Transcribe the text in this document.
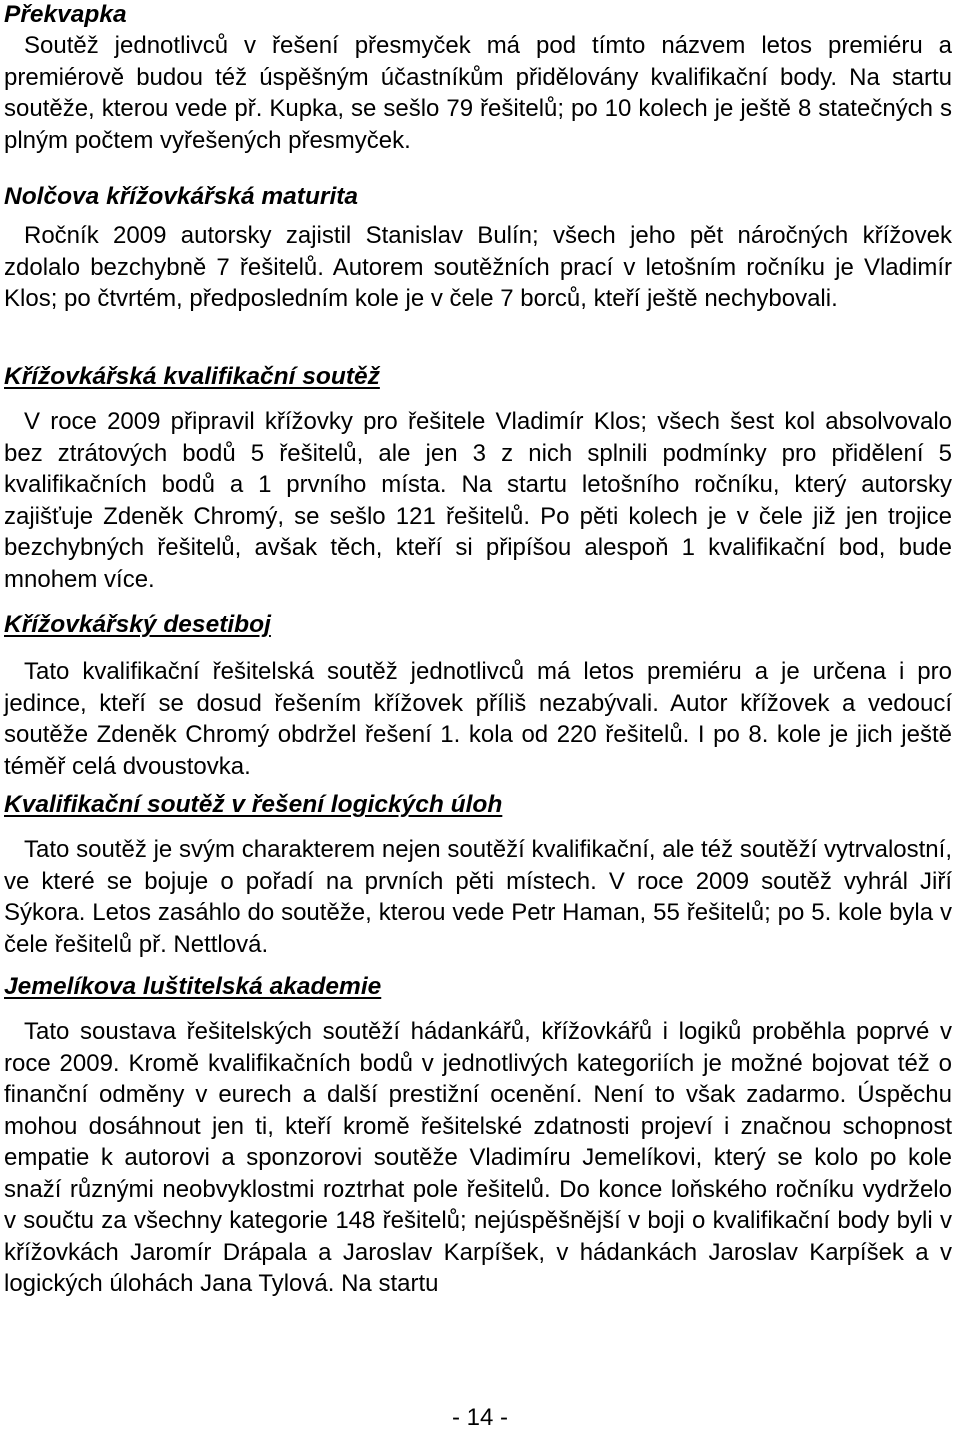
Překvapka

Soutěž jednotlivců v řešení přesmyček má pod tímto názvem letos premiéru a premiérově budou též úspěšným účastníkům přidělovány kvalifikační body. Na startu soutěže, kterou vede př. Kupka, se sešlo 79 řešitelů; po 10 kolech je ještě 8 statečných s plným počtem vyřešených přesmyček.

Nolčova křížovkářská maturita

Ročník 2009 autorsky zajistil Stanislav Bulín; všech jeho pět náročných křížovek zdolalo bezchybně 7 řešitelů. Autorem soutěžních prací v letošním ročníku je Vladimír Klos; po čtvrtém, předposledním kole je v čele 7 borců, kteří ještě nechybovali.

Křížovkářská kvalifikační soutěž

V roce 2009 připravil křížovky pro řešitele Vladimír Klos; všech šest kol absolvovalo bez ztrátových bodů 5 řešitelů, ale jen 3 z nich splnili podmínky pro přidělení 5 kvalifikačních bodů a 1 prvního místa. Na startu letošního ročníku, který autorsky zajišťuje Zdeněk Chromý, se sešlo 121 řešitelů. Po pěti kolech je v čele již jen trojice bezchybných řešitelů, avšak těch, kteří si připíšou alespoň 1 kvalifikační bod, bude mnohem více.

Křížovkářský desetiboj

Tato kvalifikační řešitelská soutěž jednotlivců má letos premiéru a je určena i pro jedince, kteří se dosud řešením křížovek příliš nezabývali. Autor křížovek a vedoucí soutěže Zdeněk Chromý obdržel řešení 1. kola od 220 řešitelů. I po 8. kole je jich ještě téměř celá dvoustovka.

Kvalifikační soutěž v řešení logických úloh

Tato soutěž je svým charakterem nejen soutěží kvalifikační, ale též soutěží vytrvalostní, ve které se bojuje o pořadí na prvních pěti místech. V roce 2009 soutěž vyhrál Jiří Sýkora. Letos zasáhlo do soutěže, kterou vede Petr Haman, 55 řešitelů; po 5. kole byla v čele řešitelů př. Nettlová.

Jemelíkova luštitelská akademie

Tato soustava řešitelských soutěží hádankářů, křížovkářů i logiků proběhla poprvé v roce 2009. Kromě kvalifikačních bodů v jednotlivých kategoriích je možné bojovat též o finanční odměny v eurech a další prestižní ocenění. Není to však zadarmo. Úspěchu mohou dosáhnout jen ti, kteří kromě řešitelské zdatnosti projeví i značnou schopnost empatie k autorovi a sponzorovi soutěže Vladimíru Jemelíkovi, který se kolo po kole snaží různými neobvyklostmi roztrhat pole řešitelů. Do konce loňského ročníku vydrželo v součtu za všechny kategorie 148 řešitelů; nejúspěšnější v boji o kvalifikační body byli v křížovkách Jaromír Drápala a Jaroslav Karpíšek, v hádankách Jaroslav Karpíšek a v logických úlohách Jana Tylová. Na startu

- 14 -
